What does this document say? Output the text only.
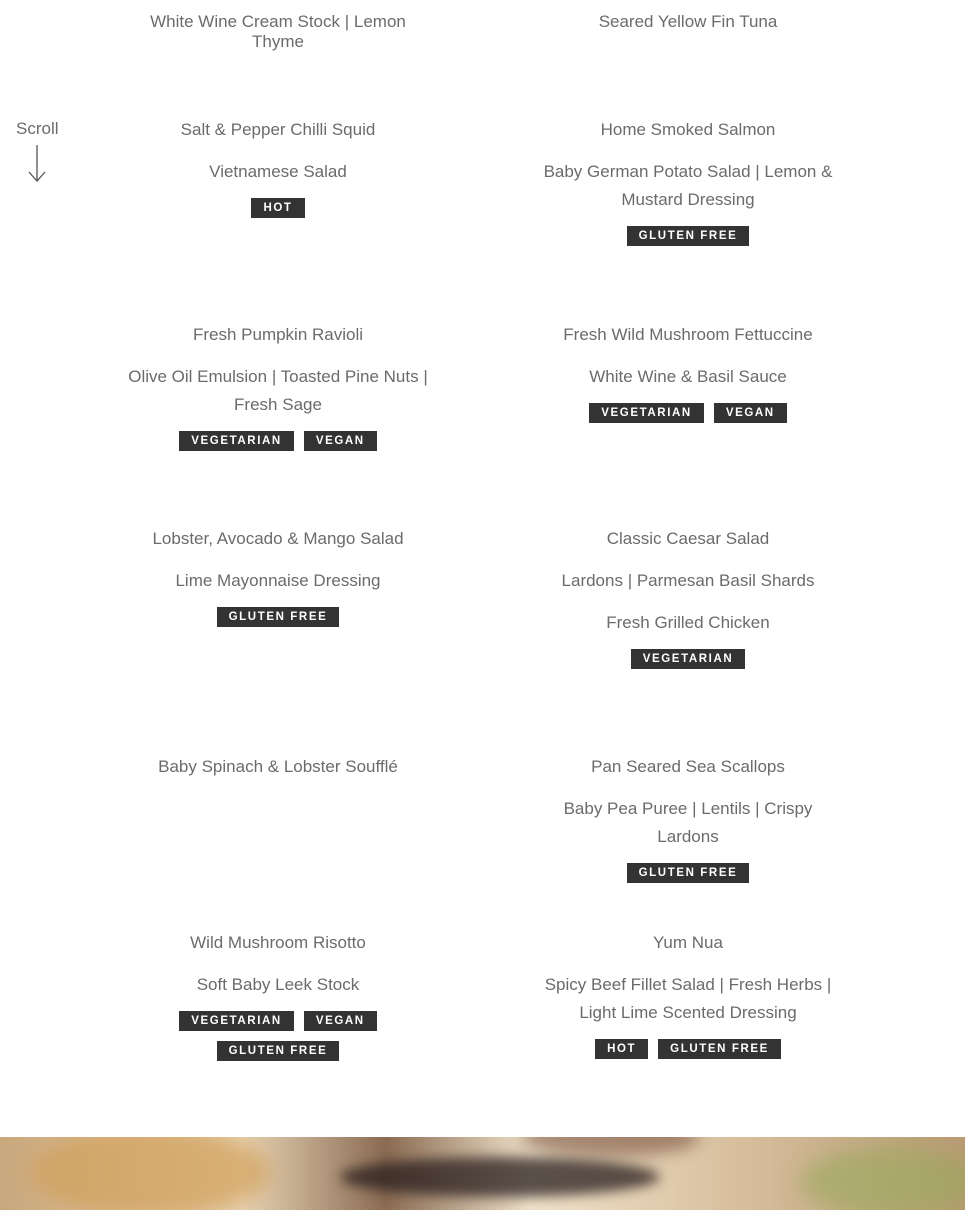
White Wine Cream Stock | Lemon Thyme
Seared Yellow Fin Tuna
Scroll	Salt & Pepper Chilli Squid
Vietnamese Salad
HOT
Home Smoked Salmon
Baby German Potato Salad | Lemon &
Mustard Dressing
GLUTEN FREE
Fresh Pumpkin Ravioli
Olive Oil Emulsion | Toasted Pine Nuts |
Fresh Sage
VEGETARIAN	VEGAN
Fresh Wild Mushroom Fettuccine
White Wine & Basil Sauce
VEGETARIAN	VEGAN
Lobster, Avocado & Mango Salad
Lime Mayonnaise Dressing
GLUTEN FREE
Classic Caesar Salad
Lardons | Parmesan Basil Shards
Fresh Grilled Chicken
VEGETARIAN
Baby Spinach & Lobster Soufflé	Pan Seared Sea Scallops
Baby Pea Puree | Lentils | Crispy Lardons
GLUTEN FREE
Wild Mushroom Risotto
Soft Baby Leek Stock
VEGETARIAN	VEGAN
GLUTEN FREE
Yum Nua
Spicy Beef Fillet Salad | Fresh Herbs |
Light Lime Scented Dressing
HOT	GLUTEN FREE
